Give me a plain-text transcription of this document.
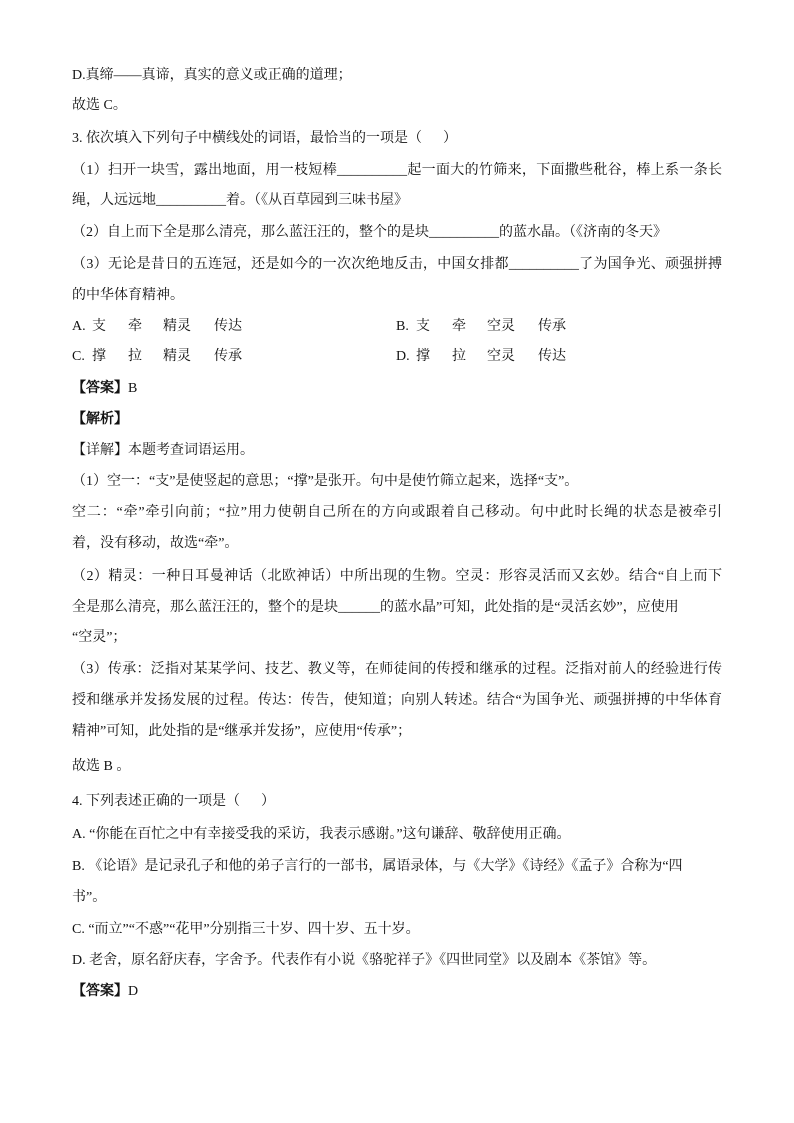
D.真缔——真谛，真实的意义或正确的道理；
故选 C。
3. 依次填入下列句子中横线处的词语，最恰当的一项是（      ）
（1）扫开一块雪，露出地面，用一枝短棒__________起一面大的竹筛来，下面撒些秕谷，棒上系一条长
绳，人远远地__________着。（《从百草园到三味书屋》
（2）自上而下全是那么清亮，那么蓝汪汪的，整个的是块__________的蓝水晶。（《济南的冬天》
（3）无论是昔日的五连冠，还是如今的一次次绝地反击，中国女排都__________了为国争光、顽强拼搏
的中华体育精神。
A. 支 牵 精灵 传达	B. 支 牵 空灵 传承
C. 撑 拉 精灵 传承	D. 撑 拉 空灵 传达
【答案】B
【解析】
【详解】本题考查词语运用。
（1）空一：“支”是使竖起的意思；“撑”是张开。句中是使竹筛立起来，选择“支”。
空二：“牵”牵引向前；“拉”用力使朝自己所在的方向或跟着自己移动。句中此时长绳的状态是被牵引
着，没有移动，故选“牵”。
（2）精灵：一种日耳曼神话（北欧神话）中所出现的生物。空灵：形容灵活而又玄妙。结合“自上而下
全是那么清亮，那么蓝汪汪的，整个的是块______的蓝水晶”可知，此处指的是“灵活玄妙”，应使用
“空灵”；
（3）传承：泛指对某某学问、技艺、教义等，在师徒间的传授和继承的过程。泛指对前人的经验进行传
授和继承并发扬发展的过程。传达：传告，使知道；向别人转述。结合“为国争光、顽强拼搏的中华体育
精神”可知，此处指的是“继承并发扬”，应使用“传承”；
故选 B 。
4. 下列表述正确的一项是（      ）
A. “你能在百忙之中有幸接受我的采访，我表示感谢。”这句谦辞、敬辞使用正确。
B. 《论语》是记录孔子和他的弟子言行的一部书，属语录体，与《大学》《诗经》《孟子》合称为“四
书”。
C. “而立”“不惑”“花甲”分别指三十岁、四十岁、五十岁。
D. 老舍，原名舒庆春，字舍予。代表作有小说《骆驼祥子》《四世同堂》以及剧本《茶馆》等。
【答案】D
